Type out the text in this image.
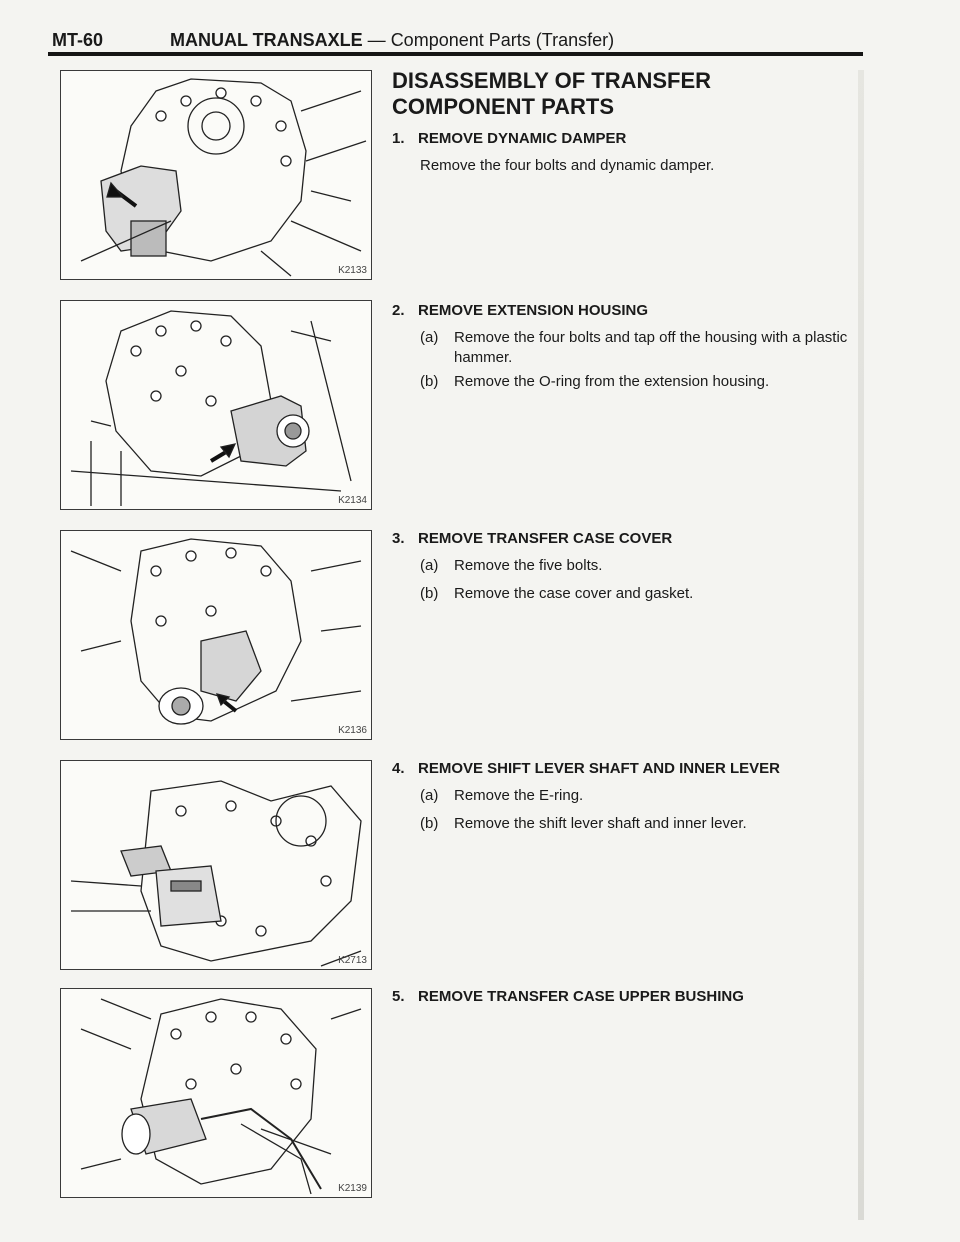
MT-60	MANUAL TRANSAXLE — Component Parts (Transfer)
K2133
K2134
K2136
K2713
K2139
DISASSEMBLY OF TRANSFER COMPONENT PARTS
1. REMOVE DYNAMIC DAMPER
Remove the four bolts and dynamic damper.
2. REMOVE EXTENSION HOUSING
(a) Remove the four bolts and tap off the housing with a plastic hammer.
(b) Remove the O-ring from the extension housing.
3. REMOVE TRANSFER CASE COVER
(a) Remove the five bolts.
(b) Remove the case cover and gasket.
4. REMOVE SHIFT LEVER SHAFT AND INNER LEVER
(a) Remove the E-ring.
(b) Remove the shift lever shaft and inner lever.
5. REMOVE TRANSFER CASE UPPER BUSHING
